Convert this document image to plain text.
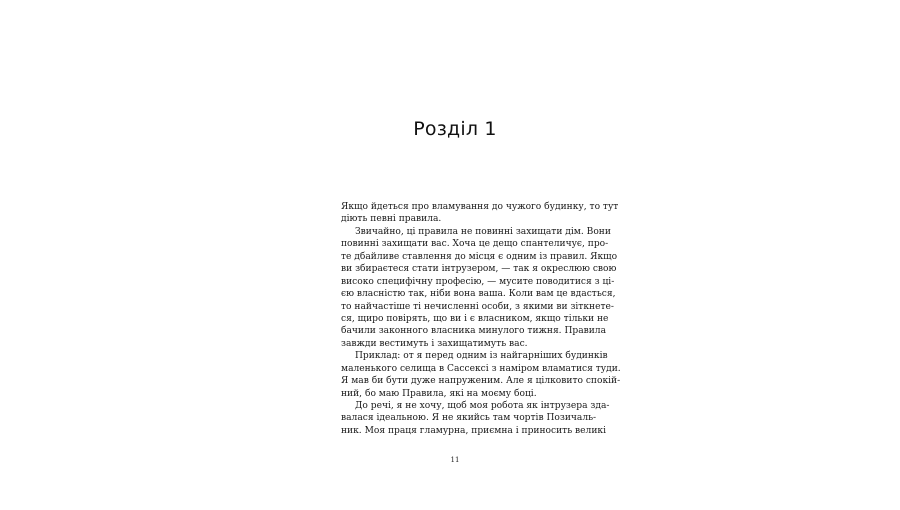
Розділ 1
Якщо йдеться про вламування до чужого будинку, то тут
діють певні правила.
Звичайно, ці правила не повинні захищати дім. Вони
повинні захищати вас. Хоча це дещо спантеличує, про-
те дбайливе ставлення до місця є одним із правил. Якщо
ви збираєтеся стати інтрузером, — так я окреслюю свою
високо специфічну професію, — мусите поводитися з ці-
єю власністю так, ніби вона ваша. Коли вам це вдасться,
то найчастіше ті нечисленні особи, з якими ви зіткнете-
ся, щиро повірять, що ви і є власником, якщо тільки не
бачили законного власника минулого тижня. Правила
завжди вестимуть і захищатимуть вас.
Приклад: от я перед одним із найгарніших будинків
маленького селища в Сассексі з наміром вламатися туди.
Я мав би бути дуже напруженим. Але я цілковито спокій-
ний, бо маю Правила, які на моєму боці.
До речі, я не хочу, щоб моя робота як інтрузера зда-
валася ідеальною. Я не якийсь там чортів Позичаль-
ник. Моя праця гламурна, приємна і приносить великі
11
